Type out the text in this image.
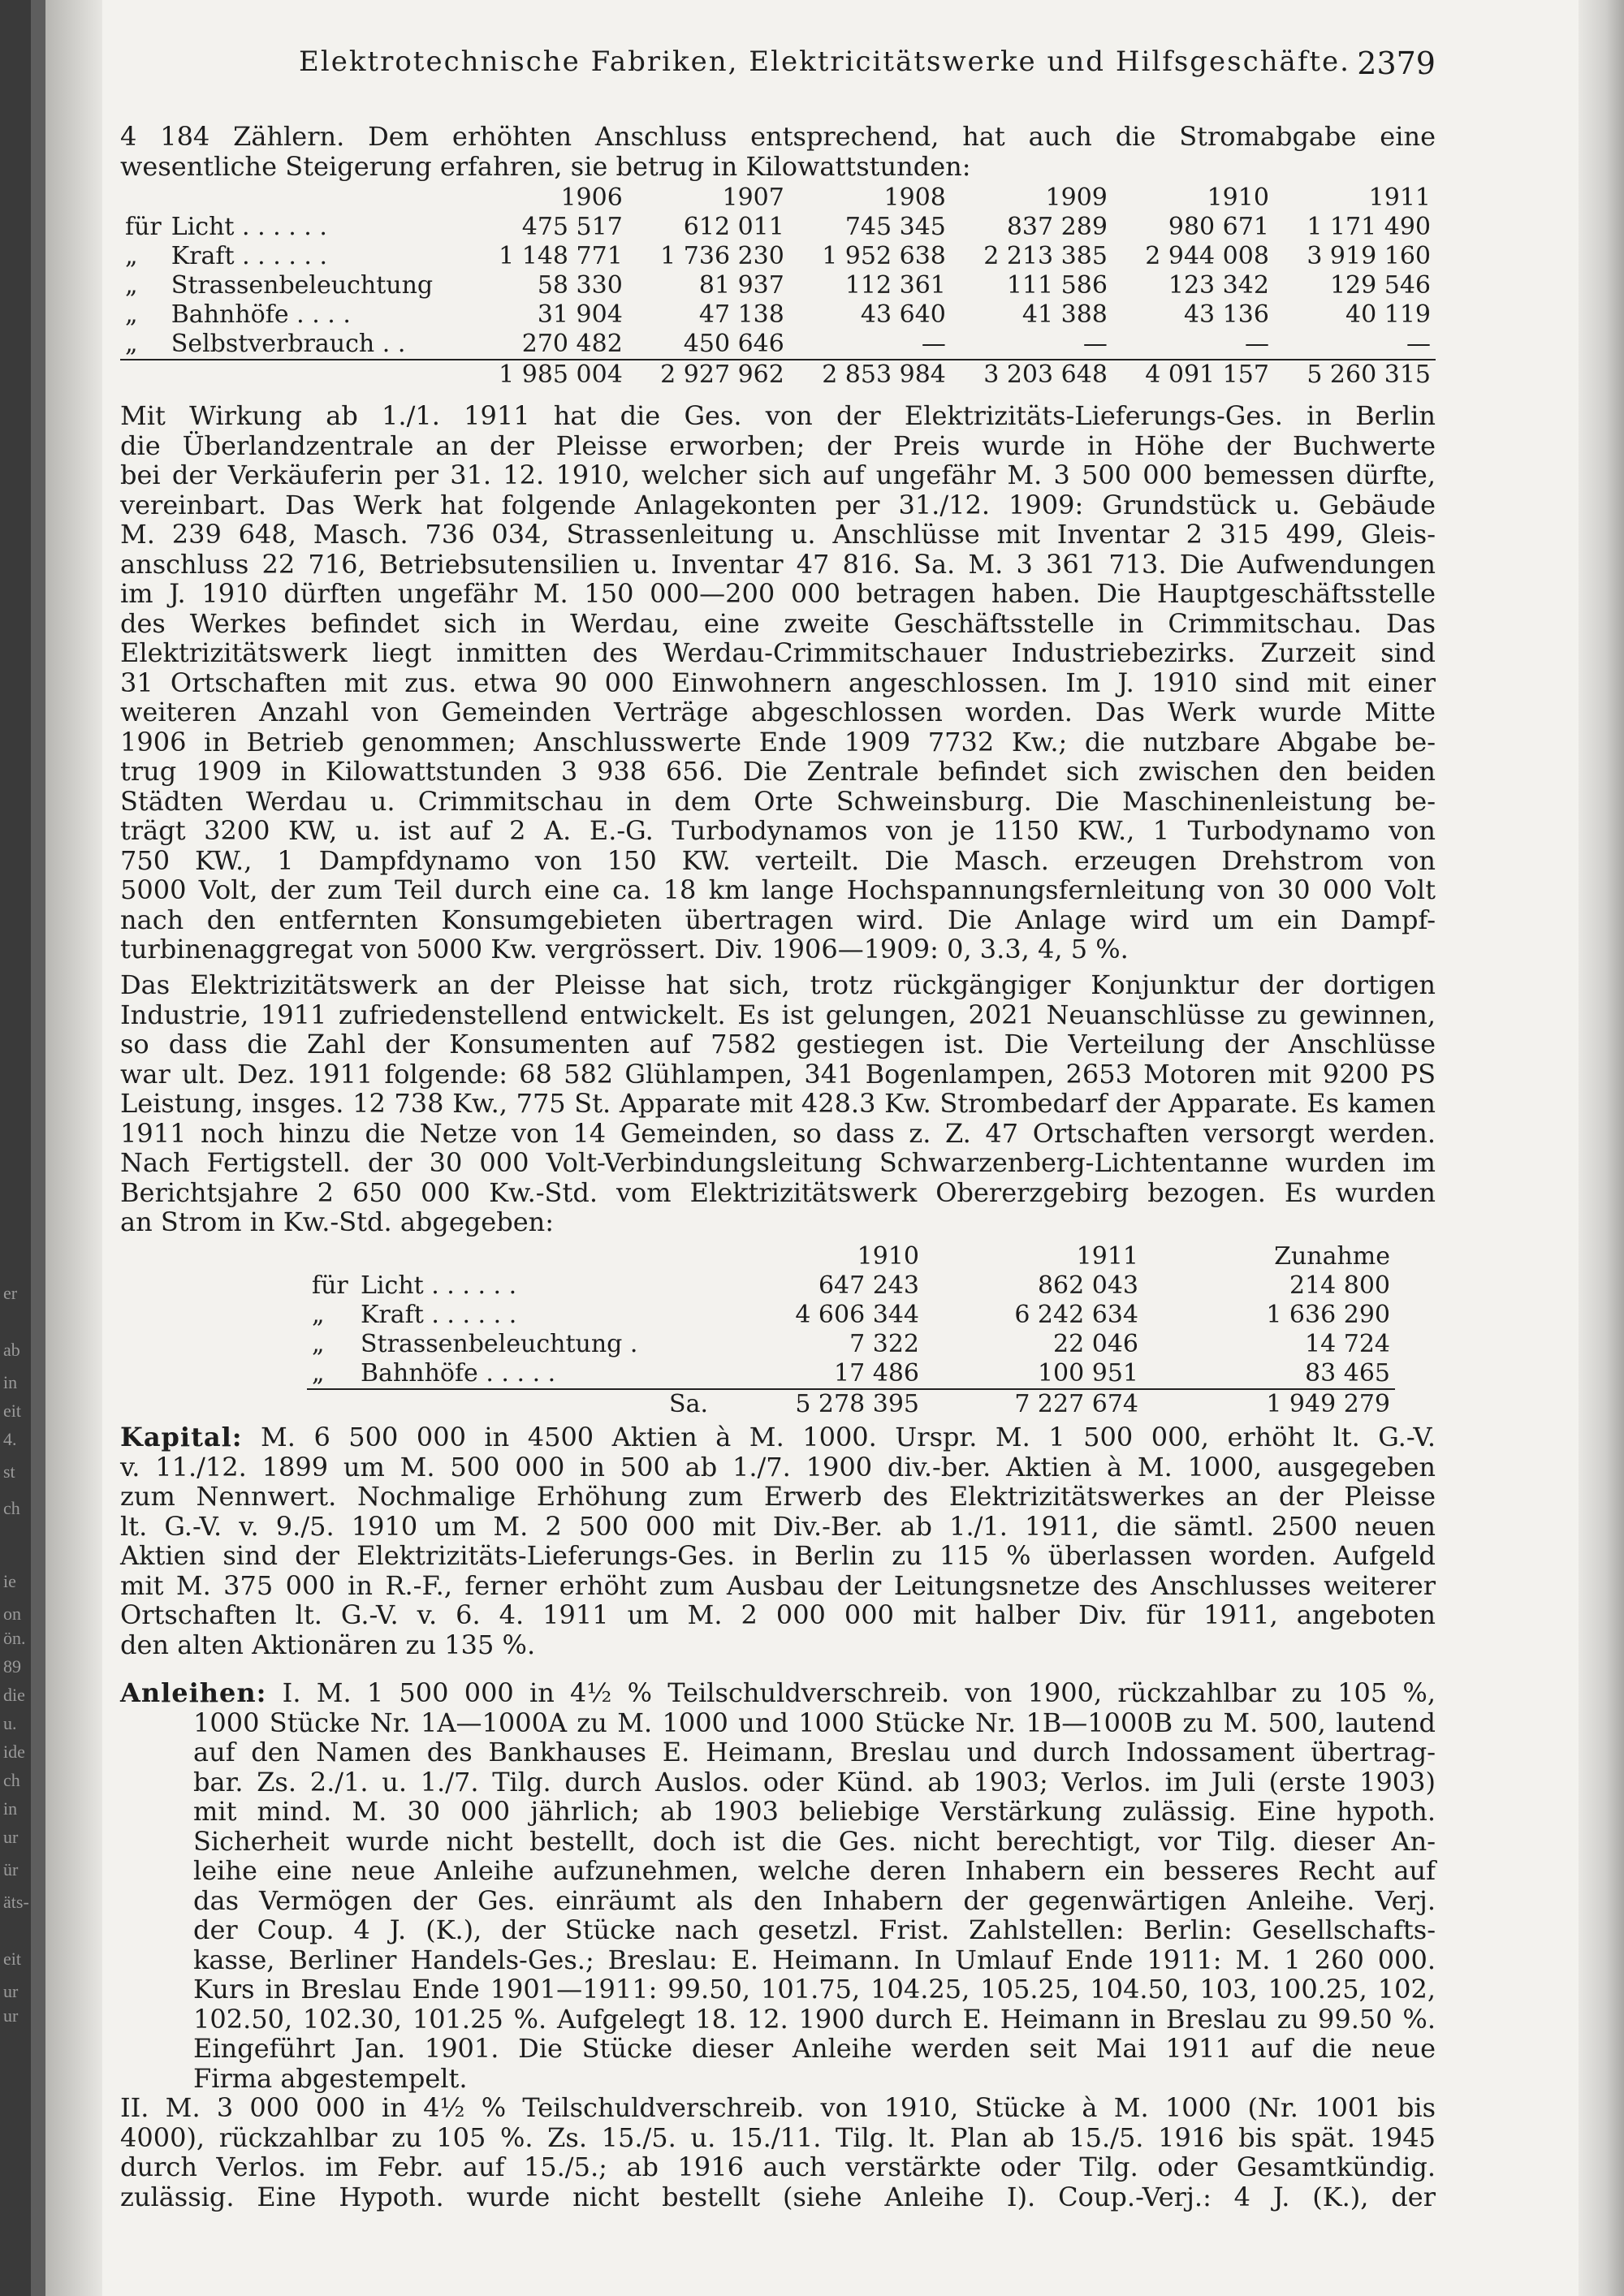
er
ab
in
eit
4.
st
ch
ie
on
ön.
89
die
u.
ide
ch
in
ur
ür
äts-
eit
ur
ur
Elektrotechnische Fabriken, Elektricitätswerke und Hilfsgeschäfte. 2379

4 184 Zählern. Dem erhöhten Anschluss entsprechend, hat auch die Stromabgabe eine

wesentliche Steigerung erfahren, sie betrug in Kilowattstunden:

		1906	1907	1908	1909	1910	1911
für	Licht . . . . . .	475 517	612 011	745 345	837 289	980 671	1 171 490
„	Kraft . . . . . .	1 148 771	1 736 230	1 952 638	2 213 385	2 944 008	3 919 160
„	Strassenbeleuchtung	58 330	81 937	112 361	111 586	123 342	129 546
„	Bahnhöfe . . . .	31 904	47 138	43 640	41 388	43 136	40 119
„	Selbstverbrauch . .	270 482	450 646	—	—	—	—
		1 985 004	2 927 962	2 853 984	3 203 648	4 091 157	5 260 315

Mit Wirkung ab 1./1. 1911 hat die Ges. von der Elektrizitäts-Lieferungs-Ges. in Berlin

die Überlandzentrale an der Pleisse erworben; der Preis wurde in Höhe der Buchwerte

bei der Verkäuferin per 31. 12. 1910, welcher sich auf ungefähr M. 3 500 000 bemessen dürfte,

vereinbart. Das Werk hat folgende Anlagekonten per 31./12. 1909: Grundstück u. Gebäude

M. 239 648, Masch. 736 034, Strassenleitung u. Anschlüsse mit Inventar 2 315 499, Gleis-

anschluss 22 716, Betriebsutensilien u. Inventar 47 816. Sa. M. 3 361 713. Die Aufwendungen

im J. 1910 dürften ungefähr M. 150 000—200 000 betragen haben. Die Hauptgeschäftsstelle

des Werkes befindet sich in Werdau, eine zweite Geschäftsstelle in Crimmitschau. Das

Elektrizitätswerk liegt inmitten des Werdau-Crimmitschauer Industriebezirks. Zurzeit sind

31 Ortschaften mit zus. etwa 90 000 Einwohnern angeschlossen. Im J. 1910 sind mit einer

weiteren Anzahl von Gemeinden Verträge abgeschlossen worden. Das Werk wurde Mitte

1906 in Betrieb genommen; Anschlusswerte Ende 1909 7732 Kw.; die nutzbare Abgabe be-

trug 1909 in Kilowattstunden 3 938 656. Die Zentrale befindet sich zwischen den beiden

Städten Werdau u. Crimmitschau in dem Orte Schweinsburg. Die Maschinenleistung be-

trägt 3200 KW, u. ist auf 2 A. E.-G. Turbodynamos von je 1150 KW., 1 Turbodynamo von

750 KW., 1 Dampfdynamo von 150 KW. verteilt. Die Masch. erzeugen Drehstrom von

5000 Volt, der zum Teil durch eine ca. 18 km lange Hochspannungsfernleitung von 30 000 Volt

nach den entfernten Konsumgebieten übertragen wird. Die Anlage wird um ein Dampf-

turbinenaggregat von 5000 Kw. vergrössert. Div. 1906—1909: 0, 3.3, 4, 5 %.

Das Elektrizitätswerk an der Pleisse hat sich, trotz rückgängiger Konjunktur der dortigen

Industrie, 1911 zufriedenstellend entwickelt. Es ist gelungen, 2021 Neuanschlüsse zu gewinnen,

so dass die Zahl der Konsumenten auf 7582 gestiegen ist. Die Verteilung der Anschlüsse

war ult. Dez. 1911 folgende: 68 582 Glühlampen, 341 Bogenlampen, 2653 Motoren mit 9200 PS

Leistung, insges. 12 738 Kw., 775 St. Apparate mit 428.3 Kw. Strombedarf der Apparate. Es kamen

1911 noch hinzu die Netze von 14 Gemeinden, so dass z. Z. 47 Ortschaften versorgt werden.

Nach Fertigstell. der 30 000 Volt-Verbindungsleitung Schwarzenberg-Lichtentanne wurden im

Berichtsjahre 2 650 000 Kw.-Std. vom Elektrizitätswerk Obererzgebirg bezogen. Es wurden

an Strom in Kw.-Std. abgegeben:

		1910	1911	Zunahme
für	Licht . . . . . .	647 243	862 043	214 800
„	Kraft . . . . . .	4 606 344	6 242 634	1 636 290
„	Strassenbeleuchtung .	7 322	22 046	14 724
„	Bahnhöfe . . . . .	17 486	100 951	83 465
	Sa.	5 278 395	7 227 674	1 949 279

Kapital: M. 6 500 000 in 4500 Aktien à M. 1000. Urspr. M. 1 500 000, erhöht lt. G.-V.

v. 11./12. 1899 um M. 500 000 in 500 ab 1./7. 1900 div.-ber. Aktien à M. 1000, ausgegeben

zum Nennwert. Nochmalige Erhöhung zum Erwerb des Elektrizitätswerkes an der Pleisse

lt. G.-V. v. 9./5. 1910 um M. 2 500 000 mit Div.-Ber. ab 1./1. 1911, die sämtl. 2500 neuen

Aktien sind der Elektrizitäts-Lieferungs-Ges. in Berlin zu 115 % überlassen worden. Aufgeld

mit M. 375 000 in R.-F., ferner erhöht zum Ausbau der Leitungsnetze des Anschlusses weiterer

Ortschaften lt. G.-V. v. 6. 4. 1911 um M. 2 000 000 mit halber Div. für 1911, angeboten

den alten Aktionären zu 135 %.

Anleihen: I. M. 1 500 000 in 4½ % Teilschuldverschreib. von 1900, rückzahlbar zu 105 %,

1000 Stücke Nr. 1A—1000A zu M. 1000 und 1000 Stücke Nr. 1B—1000B zu M. 500, lautend

auf den Namen des Bankhauses E. Heimann, Breslau und durch Indossament übertrag-

bar. Zs. 2./1. u. 1./7. Tilg. durch Auslos. oder Künd. ab 1903; Verlos. im Juli (erste 1903)

mit mind. M. 30 000 jährlich; ab 1903 beliebige Verstärkung zulässig. Eine hypoth.

Sicherheit wurde nicht bestellt, doch ist die Ges. nicht berechtigt, vor Tilg. dieser An-

leihe eine neue Anleihe aufzunehmen, welche deren Inhabern ein besseres Recht auf

das Vermögen der Ges. einräumt als den Inhabern der gegenwärtigen Anleihe. Verj.

der Coup. 4 J. (K.), der Stücke nach gesetzl. Frist. Zahlstellen: Berlin: Gesellschafts-

kasse, Berliner Handels-Ges.; Breslau: E. Heimann. In Umlauf Ende 1911: M. 1 260 000.

Kurs in Breslau Ende 1901—1911: 99.50, 101.75, 104.25, 105.25, 104.50, 103, 100.25, 102,

102.50, 102.30, 101.25 %. Aufgelegt 18. 12. 1900 durch E. Heimann in Breslau zu 99.50 %.

Eingeführt Jan. 1901. Die Stücke dieser Anleihe werden seit Mai 1911 auf die neue

Firma abgestempelt.

II. M. 3 000 000 in 4½ % Teilschuldverschreib. von 1910, Stücke à M. 1000 (Nr. 1001 bis

4000), rückzahlbar zu 105 %. Zs. 15./5. u. 15./11. Tilg. lt. Plan ab 15./5. 1916 bis spät. 1945

durch Verlos. im Febr. auf 15./5.; ab 1916 auch verstärkte oder Tilg. oder Gesamtkündig.

zulässig. Eine Hypoth. wurde nicht bestellt (siehe Anleihe I). Coup.-Verj.: 4 J. (K.), der
